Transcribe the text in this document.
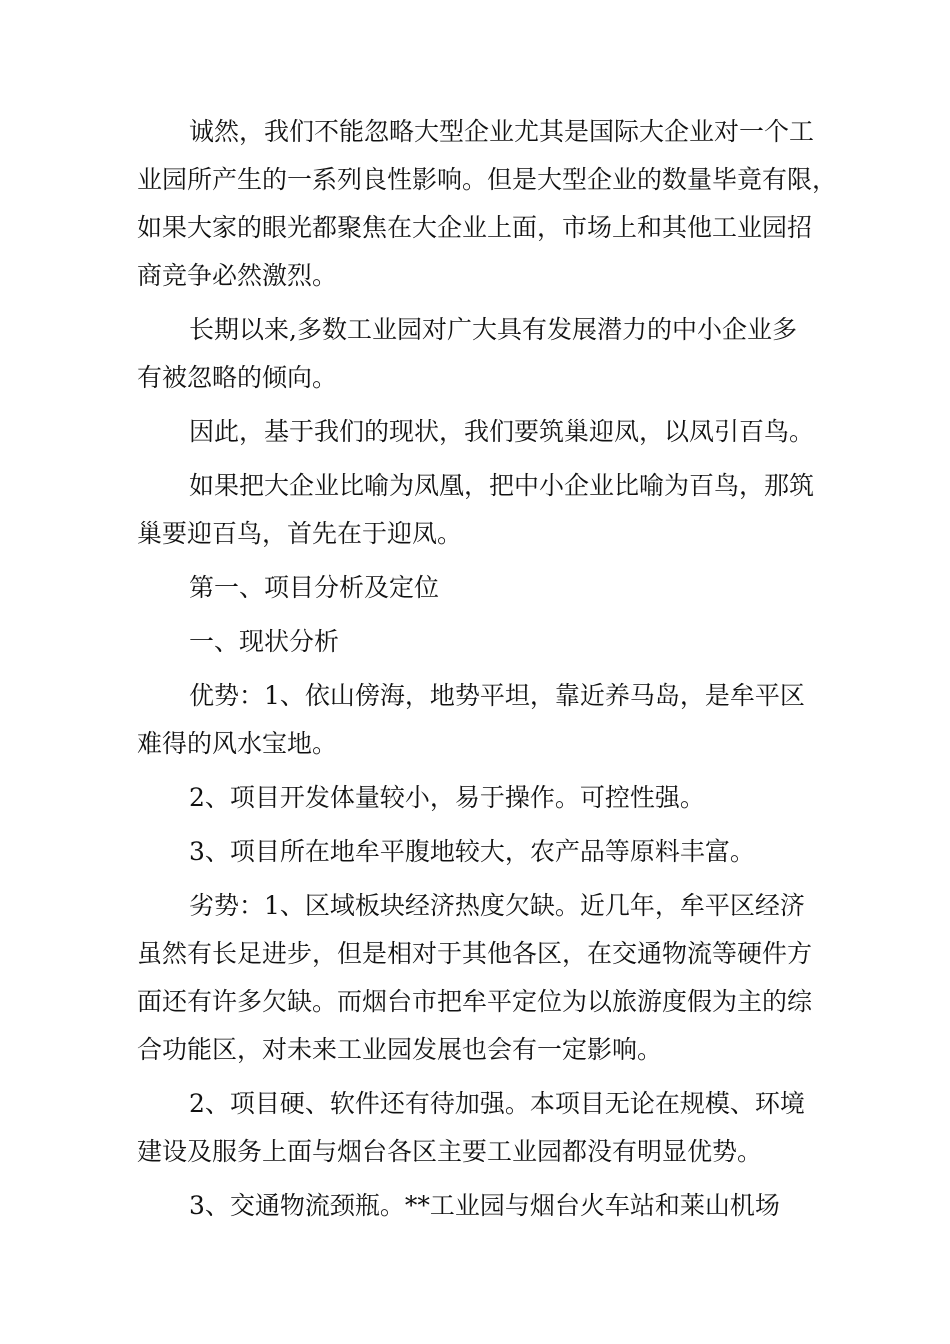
诚然，我们不能忽略大型企业尤其是国际大企业对一个工
业园所产生的一系列良性影响。但是大型企业的数量毕竟有限，
如果大家的眼光都聚焦在大企业上面，市场上和其他工业园招
商竞争必然激烈。
长期以来,多数工业园对广大具有发展潜力的中小企业多
有被忽略的倾向。
因此，基于我们的现状，我们要筑巢迎凤，以凤引百鸟。
如果把大企业比喻为凤凰，把中小企业比喻为百鸟，那筑
巢要迎百鸟，首先在于迎凤。
第一、项目分析及定位
一、现状分析
优势：1、依山傍海，地势平坦，靠近养马岛，是牟平区
难得的风水宝地。
2、项目开发体量较小，易于操作。可控性强。
3、项目所在地牟平腹地较大，农产品等原料丰富。
劣势：1、区域板块经济热度欠缺。近几年，牟平区经济
虽然有长足进步，但是相对于其他各区，在交通物流等硬件方
面还有许多欠缺。而烟台市把牟平定位为以旅游度假为主的综
合功能区，对未来工业园发展也会有一定影响。
2、项目硬、软件还有待加强。本项目无论在规模、环境
建设及服务上面与烟台各区主要工业园都没有明显优势。
3、交通物流颈瓶。**工业园与烟台火车站和莱山机场
